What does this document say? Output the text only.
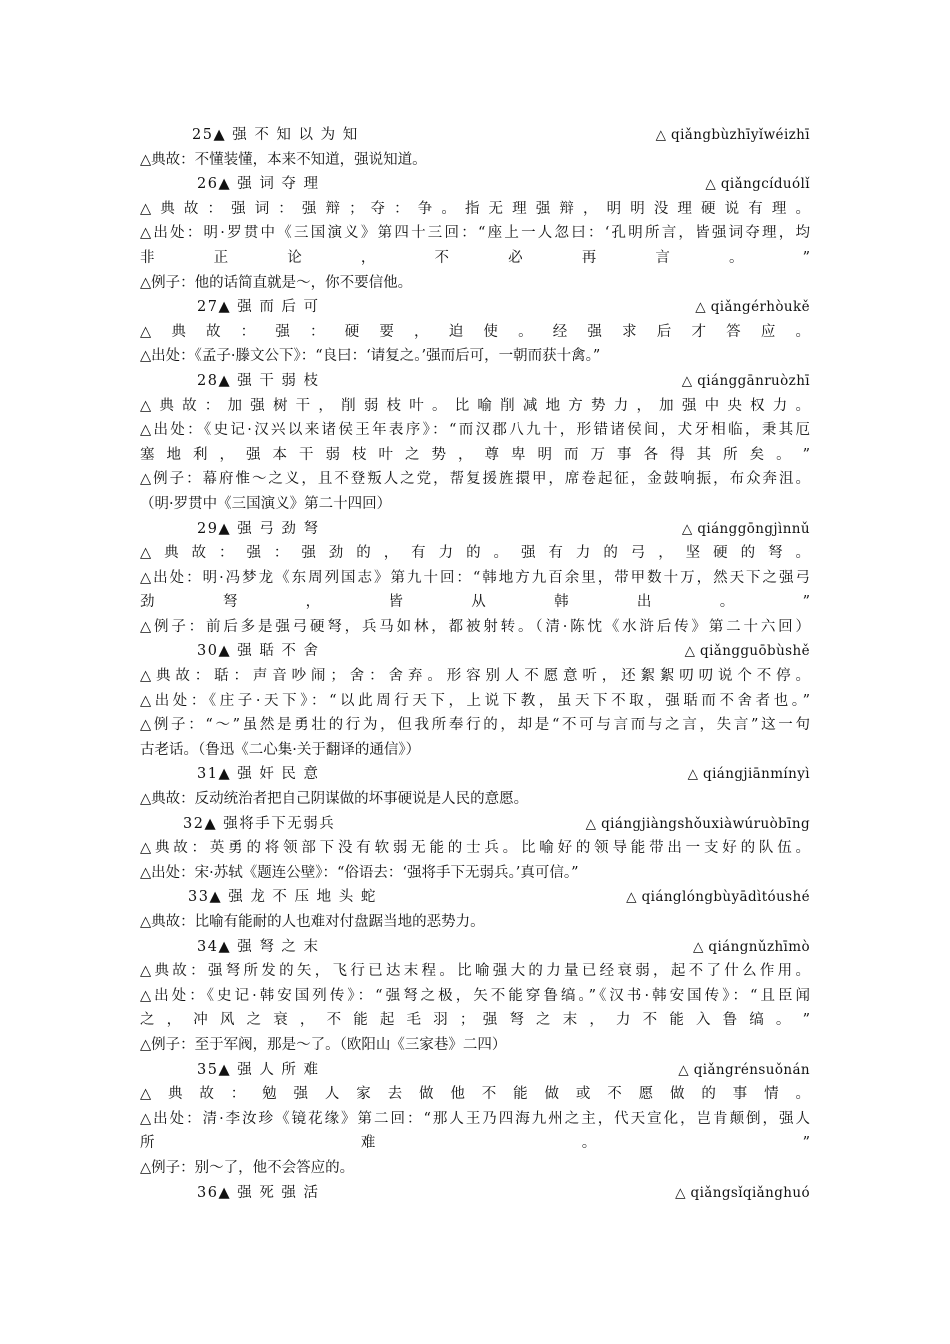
25▲ 强 不 知 以 为 知	△ qiǎngbùzhīyǐwéizhī
△典故：不懂装懂，本来不知道，强说知道。
26▲ 强 词 夺 理	△ qiǎngcíduólǐ
△ 典 故 ： 强 词 ： 强 辩 ； 夺 ： 争 。 指 无 理 强 辩 ， 明 明 没 理 硬 说 有 理 。
△出处：明·罗贯中《三国演义》第四十三回：“座上一人忽曰：‘孔明所言，皆强词夺理，均
非 正 论 ， 不 必 再 言 。 ”
△例子：他的话简直就是～，你不要信他。
27▲ 强 而 后 可	△ qiǎngérhòukě
△ 典 故 ： 强 ： 硬 要 ， 迫 使 。 经 强 求 后 才 答 应 。
△出处：《孟子·滕文公下》：“良曰：‘请复之。’强而后可，一朝而获十禽。”
28▲ 强 干 弱 枝	△ qiánggānruòzhī
△ 典 故 ： 加 强 树 干 ， 削 弱 枝 叶 。 比 喻 削 减 地 方 势 力 ， 加 强 中 央 权 力 。
△出处：《史记·汉兴以来诸侯王年表序》：“而汉郡八九十，形错诸侯间，犬牙相临，秉其厄
塞 地 利 ， 强 本 干 弱 枝 叶 之 势 ， 尊 卑 明 而 万 事 各 得 其 所 矣 。 ”
△例子：幕府惟～之义，且不登叛人之党，帮复援旌擐甲，席卷起征，金鼓响振，布众奔沮。
（明·罗贯中《三国演义》第二十四回）
29▲ 强 弓 劲 弩	△ qiánggōngjìnnǔ
△ 典 故 ： 强 ： 强 劲 的 ， 有 力 的 。 强 有 力 的 弓 ， 坚 硬 的 弩 。
△出处：明·冯梦龙《东周列国志》第九十回：“韩地方九百余里，带甲数十万，然天下之强弓
劲 弩 ， 皆 从 韩 出 。 ”
△例子：前后多是强弓硬弩，兵马如林，都被射转。（清·陈忱《水浒后传》第二十六回）
30▲ 强 聒 不 舍	△ qiǎngguōbùshě
△典故：聒：声音吵闹；舍：舍弃。形容别人不愿意听，还絮絮叨叨说个不停。
△出处：《庄子·天下》：“以此周行天下，上说下教，虽天下不取，强聒而不舍者也。”
△例子：“～”虽然是勇壮的行为，但我所奉行的，却是“不可与言而与之言，失言”这一句
古老话。（鲁迅《二心集·关于翻译的通信》）
31▲ 强 奸 民 意	△ qiángjiānmínyì
△典故：反动统治者把自己阴谋做的坏事硬说是人民的意愿。
32▲ 强将手下无弱兵	△ qiángjiàngshǒuxiàwúruòbīng
△典故：英勇的将领部下没有软弱无能的士兵。比喻好的领导能带出一支好的队伍。
△出处：宋·苏轼《题连公壁》：“俗语去：‘强将手下无弱兵。’真可信。”
33▲ 强 龙 不 压 地 头 蛇	△ qiánglóngbùyādìtóushé
△典故：比喻有能耐的人也难对付盘踞当地的恶势力。
34▲ 强 弩 之 末	△ qiángnǔzhīmò
△典故：强弩所发的矢，飞行已达末程。比喻强大的力量已经衰弱，起不了什么作用。
△出处：《史记·韩安国列传》：“强弩之极，矢不能穿鲁缟。”《汉书·韩安国传》：“且臣闻
之 ， 冲 风 之 衰 ， 不 能 起 毛 羽 ； 强 弩 之 末 ， 力 不 能 入 鲁 缟 。 ”
△例子：至于军阀，那是～了。（欧阳山《三家巷》二四）
35▲ 强 人 所 难	△ qiǎngrénsuǒnán
△ 典 故 ： 勉 强 人 家 去 做 他 不 能 做 或 不 愿 做 的 事 情 。
△出处：清·李汝珍《镜花缘》第二回：“那人王乃四海九州之主，代天宣化，岂肯颠倒，强人
所 难 。 ”
△例子：别～了，他不会答应的。
36▲ 强 死 强 活	△ qiǎngsǐqiǎnghuó
